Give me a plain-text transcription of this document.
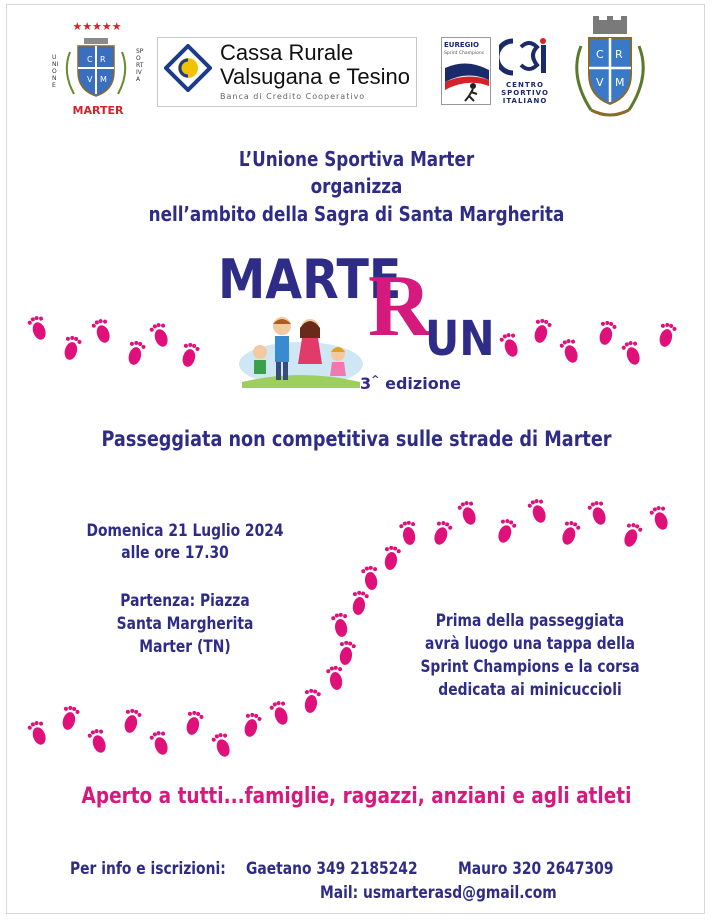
★★★★★
C R
V M
UNIONE
SPORTIVA
MARTER
Cassa Rurale
Valsugana e Tesino
Banca di Credito Cooperativo
EUREGIO
Sprint Champions
CENTRO
SPORTIVO
ITALIANO
C R
V M
L’Unione Sportiva Marter
organizza
nell’ambito della Sagra di Santa Margherita
MARTE
R
UN
3^ edizione
Passeggiata non competitiva sulle strade di Marter
Domenica 21 Luglio 2024
alle ore 17.30
Partenza: Piazza
Santa Margherita
Marter (TN)
Prima della passeggiata
avrà luogo una tappa della
Sprint Champions e la corsa
dedicata ai minicuccioli
Aperto a tutti...famiglie, ragazzi, anziani e agli atleti
Per info e iscrizioni: Gaetano 349 2185242 Mauro 320 2647309
Mail: usmarterasd@gmail.com
